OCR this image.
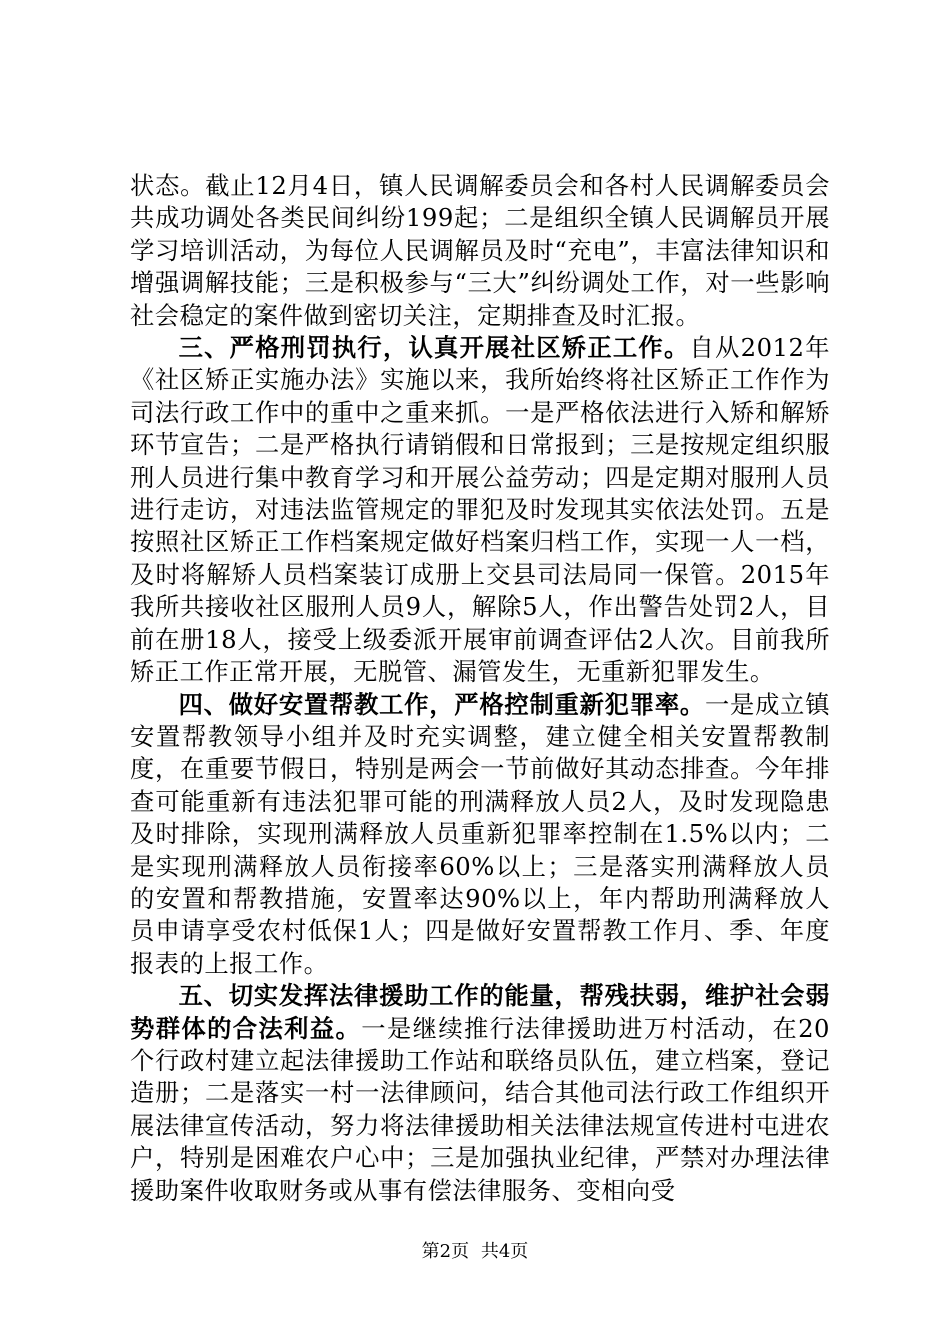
状态。截止12月4日，镇人民调解委员会和各村人民调解委员会共成功调处各类民间纠纷199起；二是组织全镇人民调解员开展学习培训活动，为每位人民调解员及时“充电”，丰富法律知识和增强调解技能；三是积极参与“三大”纠纷调处工作，对一些影响社会稳定的案件做到密切关注，定期排查及时汇报。

三、严格刑罚执行，认真开展社区矫正工作。自从2012年《社区矫正实施办法》实施以来，我所始终将社区矫正工作作为司法行政工作中的重中之重来抓。一是严格依法进行入矫和解矫环节宣告；二是严格执行请销假和日常报到；三是按规定组织服刑人员进行集中教育学习和开展公益劳动；四是定期对服刑人员进行走访，对违法监管规定的罪犯及时发现其实依法处罚。五是按照社区矫正工作档案规定做好档案归档工作，实现一人一档，及时将解矫人员档案装订成册上交县司法局同一保管。2015年我所共接收社区服刑人员9人，解除5人，作出警告处罚2人，目前在册18人，接受上级委派开展审前调查评估2人次。目前我所矫正工作正常开展，无脱管、漏管发生，无重新犯罪发生。

四、做好安置帮教工作，严格控制重新犯罪率。一是成立镇安置帮教领导小组并及时充实调整，建立健全相关安置帮教制度，在重要节假日，特别是两会一节前做好其动态排查。今年排查可能重新有违法犯罪可能的刑满释放人员2人，及时发现隐患及时排除，实现刑满释放人员重新犯罪率控制在1.5%以内；二是实现刑满释放人员衔接率60%以上；三是落实刑满释放人员的安置和帮教措施，安置率达90%以上，年内帮助刑满释放人员申请享受农村低保1人；四是做好安置帮教工作月、季、年度报表的上报工作。

五、切实发挥法律援助工作的能量，帮残扶弱，维护社会弱势群体的合法利益。一是继续推行法律援助进万村活动，在20个行政村建立起法律援助工作站和联络员队伍，建立档案，登记造册；二是落实一村一法律顾问，结合其他司法行政工作组织开展法律宣传活动，努力将法律援助相关法律法规宣传进村屯进农户，特别是困难农户心中；三是加强执业纪律，严禁对办理法律援助案件收取财务或从事有偿法律服务、变相向受

第2页 共4页
